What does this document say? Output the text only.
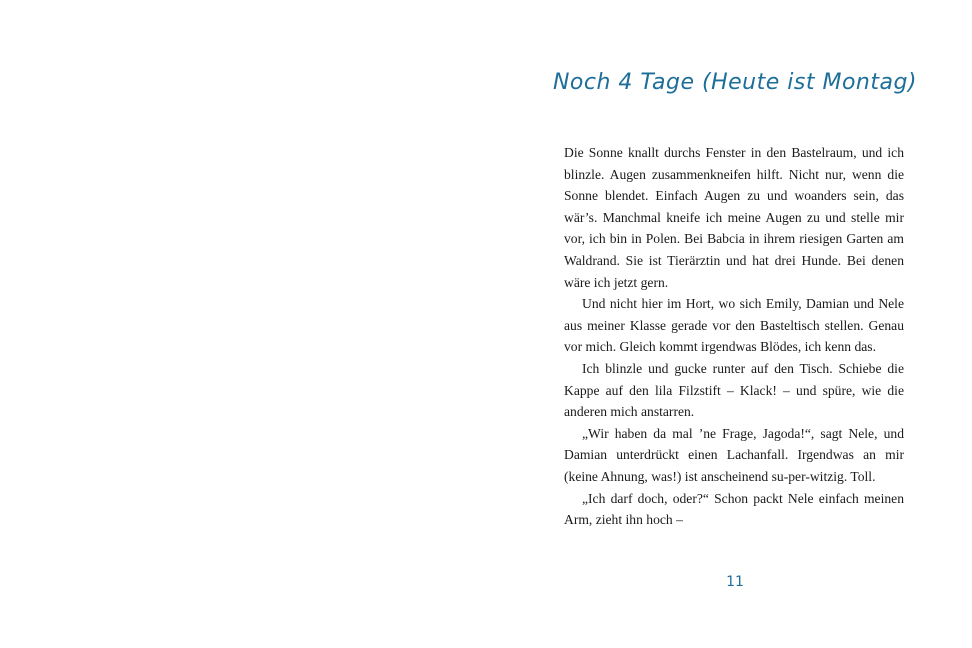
Noch 4 Tage (Heute ist Montag)

Die Sonne knallt durchs Fenster in den Bastelraum, und ich blinzle. Augen zusammenkneifen hilft. Nicht nur, wenn die Sonne blendet. Einfach Augen zu und woanders sein, das wär’s. Manchmal kneife ich meine Augen zu und stelle mir vor, ich bin in Polen. Bei Babcia in ihrem riesigen Garten am Waldrand. Sie ist Tierärztin und hat drei Hunde. Bei denen wäre ich jetzt gern.

Und nicht hier im Hort, wo sich Emily, Damian und Nele aus meiner Klasse gerade vor den Basteltisch stellen. Genau vor mich. Gleich kommt irgendwas Blödes, ich kenn das.

Ich blinzle und gucke runter auf den Tisch. Schiebe die Kappe auf den lila Filzstift – Klack! – und spüre, wie die anderen mich anstarren.

„Wir haben da mal ’ne Frage, Jagoda!“, sagt Nele, und Damian unterdrückt einen Lachanfall. Irgendwas an mir (keine Ahnung, was!) ist anscheinend su-per-witzig. Toll.

„Ich darf doch, oder?“ Schon packt Nele einfach meinen Arm, zieht ihn hoch –

11
